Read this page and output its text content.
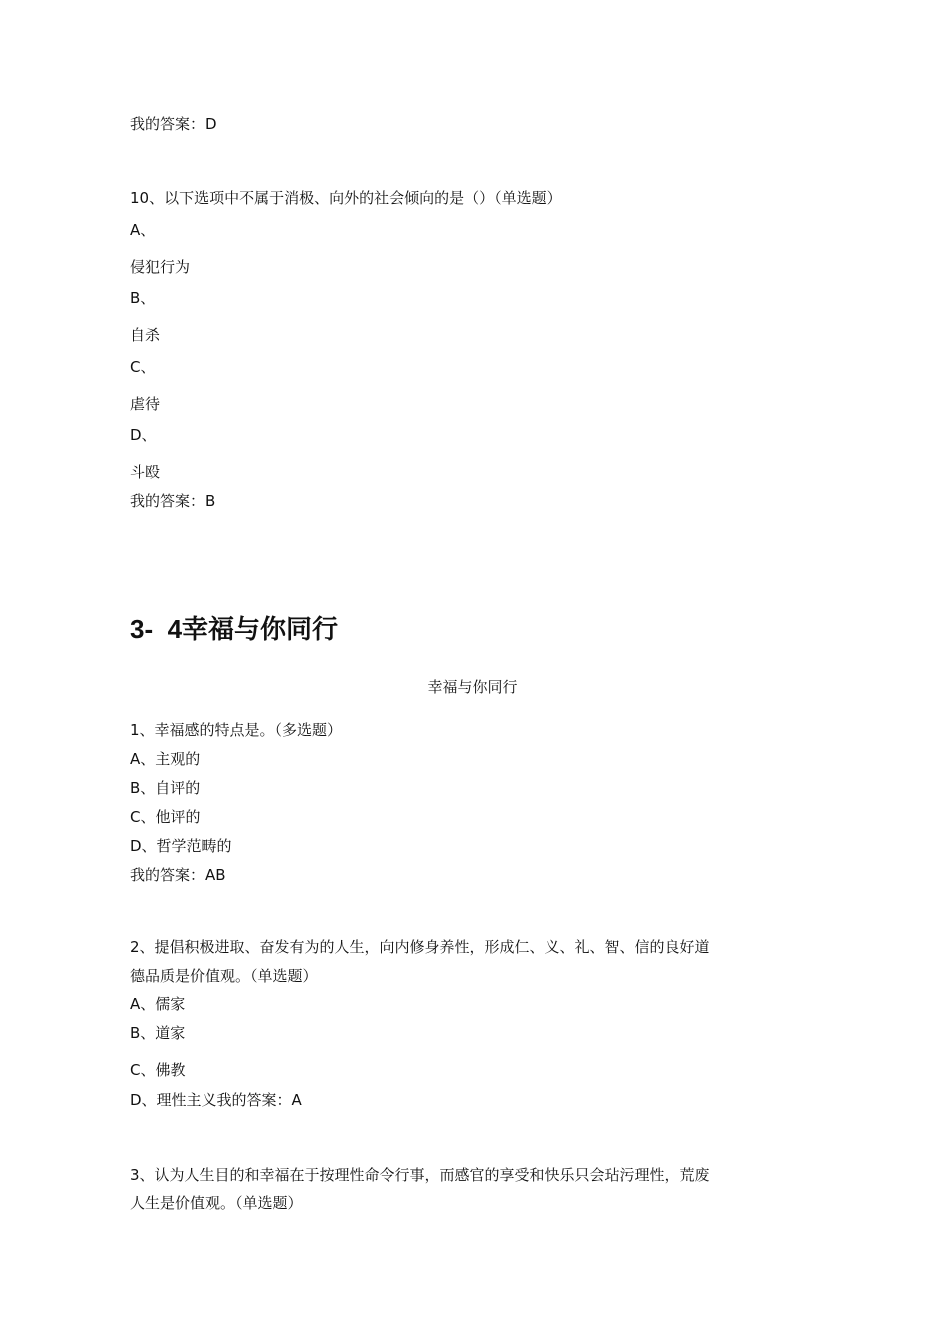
我的答案：D
10、以下选项中不属于消极、向外的社会倾向的是（）（单选题）
A、
侵犯行为
B、
自杀
C、
虐待
D、
斗殴
我的答案：B
3-  4幸福与你同行
幸福与你同行
1、幸福感的特点是。（多选题）
A、主观的
B、自评的
C、他评的
D、哲学范畴的
我的答案：AB
2、提倡积极进取、奋发有为的人生，向内修身养性，形成仁、义、礼、智、信的良好道
德品质是价值观。（单选题）
A、儒家
B、道家
C、佛教
D、理性主义我的答案：A
3、认为人生目的和幸福在于按理性命令行事，而感官的享受和快乐只会玷污理性，荒废
人生是价值观。（单选题）
